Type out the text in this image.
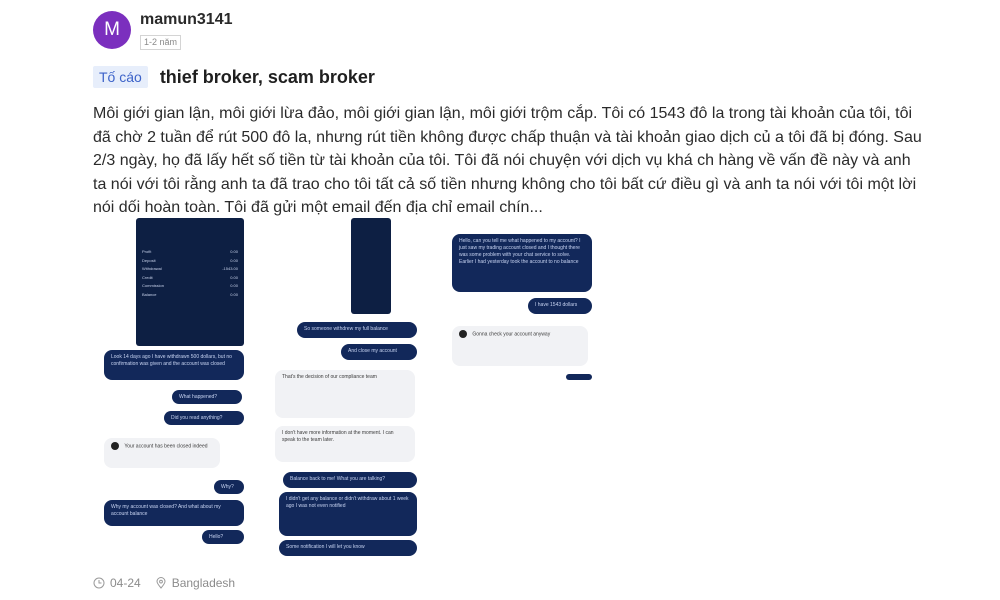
M	mamun3141
1-2 năm
Tố cáo	thief broker, scam broker
Môi giới gian lận, môi giới lừa đảo, môi giới gian lận, môi giới trộm cắp. Tôi có 1543 đô la trong tài khoản của tôi, tôi đã chờ 2 tuần để rút 500 đô la, nhưng rút tiền không được chấp thuận và tài khoản giao dịch củ a tôi đã bị đóng. Sau 2/3 ngày, họ đã lấy hết số tiền từ tài khoản của tôi. Tôi đã nói chuyện với dịch vụ khá ch hàng về vấn đề này và anh ta nói với tôi rằng anh ta đã trao cho tôi tất cả số tiền nhưng không cho tôi bất cứ điều gì và anh ta nói với tôi một lời nói dối hoàn toàn. Tôi đã gửi một email đến địa chỉ email chín...
Profit	0.00
Deposit	0.00
Withdrawal	-1543.00
Credit	0.00
Commission	0.00
Balance	0.00
Look 14 days ago I have withdrawn 500 dollars, but no confirmation was given and the account was closed
What happened?
Did you read anything?
Your account has been closed indeed
Why?
Why my account was closed? And what about my account balance
Hello?
So someone withdrew my full balance
And close my account
That's the decision of our compliance team
I don't have more information at the moment. I can speak to the team later.
Balance back to me! What you are talking?
I didn't get any balance or didn't withdraw about 1 week ago I was not even notified
Some notification I will let you know
Hello, can you tell me what happened to my account? I just saw my trading account closed and I thought there was some problem with your chat service to solve. Earlier I had yesterday took the account to no balance
I have 1543 dollars
Gonna check your account anyway
04-24	Bangladesh
